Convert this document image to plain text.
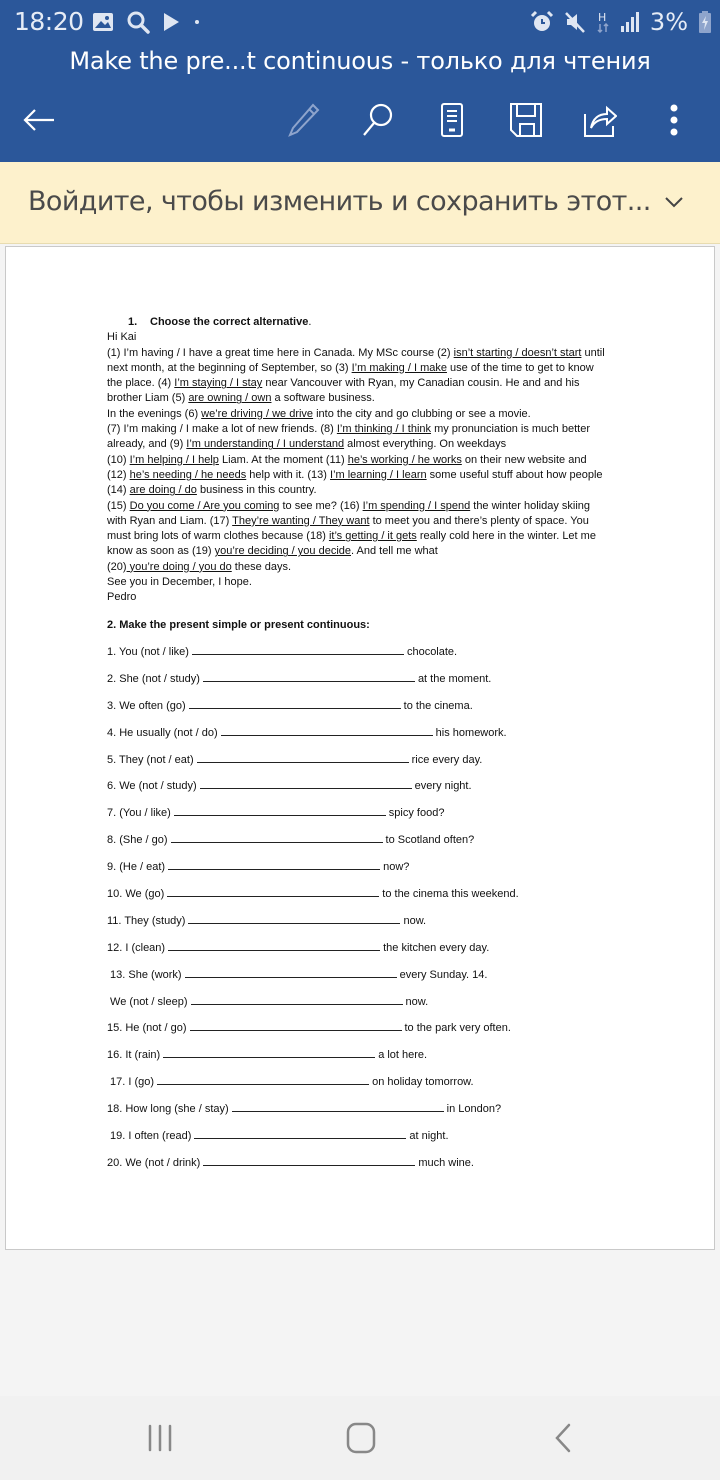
18:20	H 3%
Make the pre...t continuous - только для чтения
Войдите, чтобы изменить и сохранить этот...
1. Choose the correct alternative.
Hi Kai

(1) I’m having / I have a great time here in Canada. My MSc course (2) isn’t starting / doesn’t start until next month, at the beginning of September, so (3) I’m making / I make use of the time to get to know the place. (4) I’m staying / I stay near Vancouver with Ryan, my Canadian cousin. He and and his brother Liam (5) are owning / own a software business.

In the evenings (6) we’re driving / we drive into the city and go clubbing or see a movie.

(7) I’m making / I make a lot of new friends. (8) I’m thinking / I think my pronunciation is much better already, and (9) I’m understanding / I understand almost everything. On weekdays

(10) I’m helping / I help Liam. At the moment (11) he’s working / he works on their new website and (12) he’s needing / he needs help with it. (13) I’m learning / I learn some useful stuff about how people (14) are doing / do business in this country.

(15) Do you come / Are you coming to see me? (16) I’m spending / I spend the winter holiday skiing with Ryan and Liam. (17) They’re wanting / They want to meet you and there’s plenty of space. You must bring lots of warm clothes because (18) it’s getting / it gets really cold here in the winter. Let me know as soon as (19) you’re deciding / you decide. And tell me what

(20) you’re doing / you do these days.

See you in December, I hope.

Pedro

2. Make the present simple or present continuous:
1. You (not / like)	chocolate.
2. She (not / study)	at the moment.
3. We often (go)	to the cinema.
4. He usually (not / do)	his homework.
5. They (not / eat)	rice every day.
6. We (not / study)	every night.
7. (You / like)	spicy food?
8. (She / go)	to Scotland often?
9. (He / eat)	now?
10. We (go)	to the cinema this weekend.
11. They (study)	now.
12. I (clean)	the kitchen every day.
13. She (work)	every Sunday. 14.
We (not / sleep)	now.
15. He (not / go)	to the park very often.
16. It (rain)	a lot here.
17. I (go)	on holiday tomorrow.
18. How long (she / stay)	in London?
19. I often (read)	at night.
20. We (not / drink)	much wine.
